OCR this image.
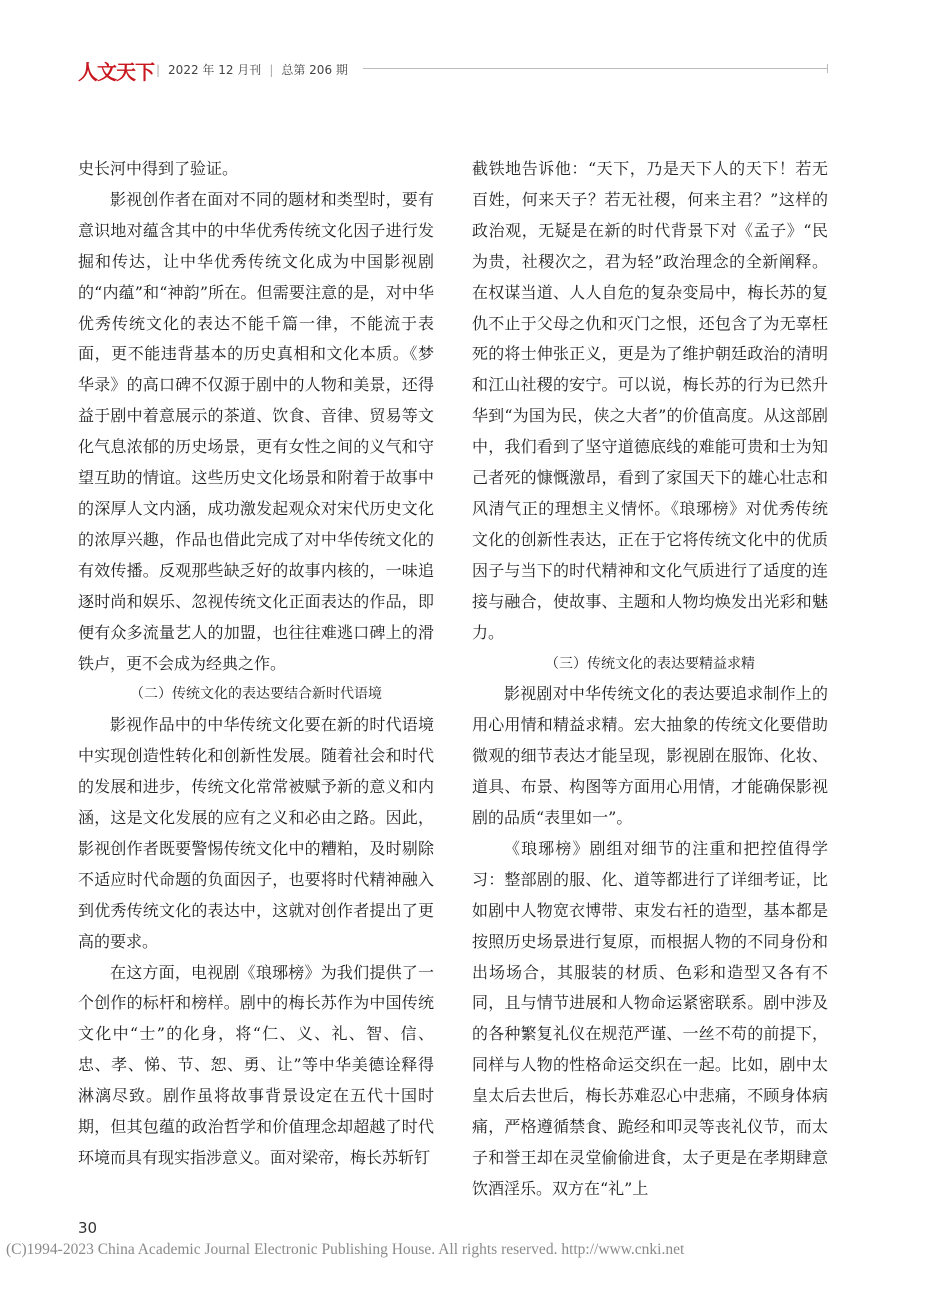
人文天下 | 2022 年 12 月刊 | 总第 206 期

史长河中得到了验证。

影视创作者在面对不同的题材和类型时，要有意识地对蕴含其中的中华优秀传统文化因子进行发掘和传达，让中华优秀传统文化成为中国影视剧的“内蕴”和“神韵”所在。但需要注意的是，对中华优秀传统文化的表达不能千篇一律，不能流于表面，更不能违背基本的历史真相和文化本质。《梦华录》的高口碑不仅源于剧中的人物和美景，还得益于剧中着意展示的茶道、饮食、音律、贸易等文化气息浓郁的历史场景，更有女性之间的义气和守望互助的情谊。这些历史文化场景和附着于故事中的深厚人文内涵，成功激发起观众对宋代历史文化的浓厚兴趣，作品也借此完成了对中华传统文化的有效传播。反观那些缺乏好的故事内核的，一味追逐时尚和娱乐、忽视传统文化正面表达的作品，即便有众多流量艺人的加盟，也往往难逃口碑上的滑铁卢，更不会成为经典之作。

（二）传统文化的表达要结合新时代语境

影视作品中的中华传统文化要在新的时代语境中实现创造性转化和创新性发展。随着社会和时代的发展和进步，传统文化常常被赋予新的意义和内涵，这是文化发展的应有之义和必由之路。因此，影视创作者既要警惕传统文化中的糟粕，及时剔除不适应时代命题的负面因子，也要将时代精神融入到优秀传统文化的表达中，这就对创作者提出了更高的要求。

在这方面，电视剧《琅琊榜》为我们提供了一个创作的标杆和榜样。剧中的梅长苏作为中国传统文化中“士”的化身，将“仁、义、礼、智、信、忠、孝、悌、节、恕、勇、让”等中华美德诠释得淋漓尽致。剧作虽将故事背景设定在五代十国时期，但其包蕴的政治哲学和价值理念却超越了时代环境而具有现实指涉意义。面对梁帝，梅长苏斩钉

截铁地告诉他：“天下，乃是天下人的天下！若无百姓，何来天子？若无社稷，何来主君？”这样的政治观，无疑是在新的时代背景下对《孟子》“民为贵，社稷次之，君为轻”政治理念的全新阐释。在权谋当道、人人自危的复杂变局中，梅长苏的复仇不止于父母之仇和灭门之恨，还包含了为无辜枉死的将士伸张正义，更是为了维护朝廷政治的清明和江山社稷的安宁。可以说，梅长苏的行为已然升华到“为国为民，侠之大者”的价值高度。从这部剧中，我们看到了坚守道德底线的难能可贵和士为知己者死的慷慨激昂，看到了家国天下的雄心壮志和风清气正的理想主义情怀。《琅琊榜》对优秀传统文化的创新性表达，正在于它将传统文化中的优质因子与当下的时代精神和文化气质进行了适度的连接与融合，使故事、主题和人物均焕发出光彩和魅力。

（三）传统文化的表达要精益求精

影视剧对中华传统文化的表达要追求制作上的用心用情和精益求精。宏大抽象的传统文化要借助微观的细节表达才能呈现，影视剧在服饰、化妆、道具、布景、构图等方面用心用情，才能确保影视剧的品质“表里如一”。

《琅琊榜》剧组对细节的注重和把控值得学习：整部剧的服、化、道等都进行了详细考证，比如剧中人物宽衣博带、束发右衽的造型，基本都是按照历史场景进行复原，而根据人物的不同身份和出场场合，其服装的材质、色彩和造型又各有不同，且与情节进展和人物命运紧密联系。剧中涉及的各种繁复礼仪在规范严谨、一丝不苟的前提下，同样与人物的性格命运交织在一起。比如，剧中太皇太后去世后，梅长苏难忍心中悲痛，不顾身体病痛，严格遵循禁食、跪经和叩灵等丧礼仪节，而太子和誉王却在灵堂偷偷进食，太子更是在孝期肆意饮酒淫乐。双方在“礼”上

30
(C)1994-2023 China Academic Journal Electronic Publishing House. All rights reserved. http://www.cnki.net
